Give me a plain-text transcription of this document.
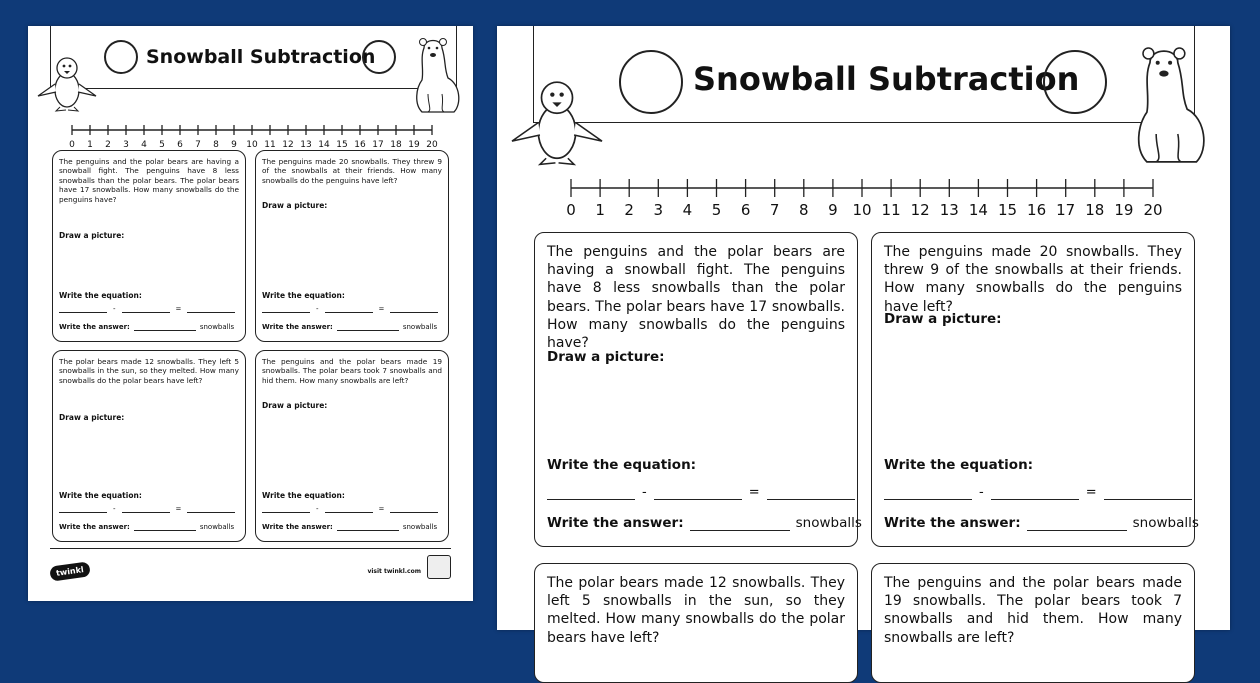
Snowball Subtraction
0 1 2 3 4 5 6 7 8 9 10 11 12 13 14 15 16 17 18 19 20
The penguins and the polar bears are having a snowball fight. The penguins have 8 less snowballs than the polar bears. The polar bears have 17 snowballs. How many snowballs do the penguins have?
Draw a picture:
Write the equation:
-	=
Write the answer:	snowballs
The penguins made 20 snowballs. They threw 9 of the snowballs at their friends. How many snowballs do the penguins have left?
Draw a picture:
Write the equation:
-	=
Write the answer:	snowballs
The polar bears made 12 snowballs. They left 5 snowballs in the sun, so they melted. How many snowballs do the polar bears have left?
Draw a picture:
Write the equation:
-	=
Write the answer:	snowballs
The penguins and the polar bears made 19 snowballs. The polar bears took 7 snowballs and hid them. How many snowballs are left?
Draw a picture:
Write the equation:
-	=
Write the answer:	snowballs
twinkl	visit twinkl.com
Snowball Subtraction
0 1 2 3 4 5 6 7 8 9 10 11 12 13 14 15 16 17 18 19 20
The penguins and the polar bears are having a snowball fight. The penguins have 8 less snowballs than the polar bears. The polar bears have 17 snowballs. How many snowballs do the penguins have?
Draw a picture:
Write the equation:
-	=
Write the answer:	snowballs
The penguins made 20 snowballs. They threw 9 of the snowballs at their friends. How many snowballs do the penguins have left?
Draw a picture:
Write the equation:
-	=
Write the answer:	snowballs
The polar bears made 12 snowballs. They left 5 snowballs in the sun, so they melted. How many snowballs do the polar bears have left?
The penguins and the polar bears made 19 snowballs. The polar bears took 7 snowballs and hid them. How many snowballs are left?
